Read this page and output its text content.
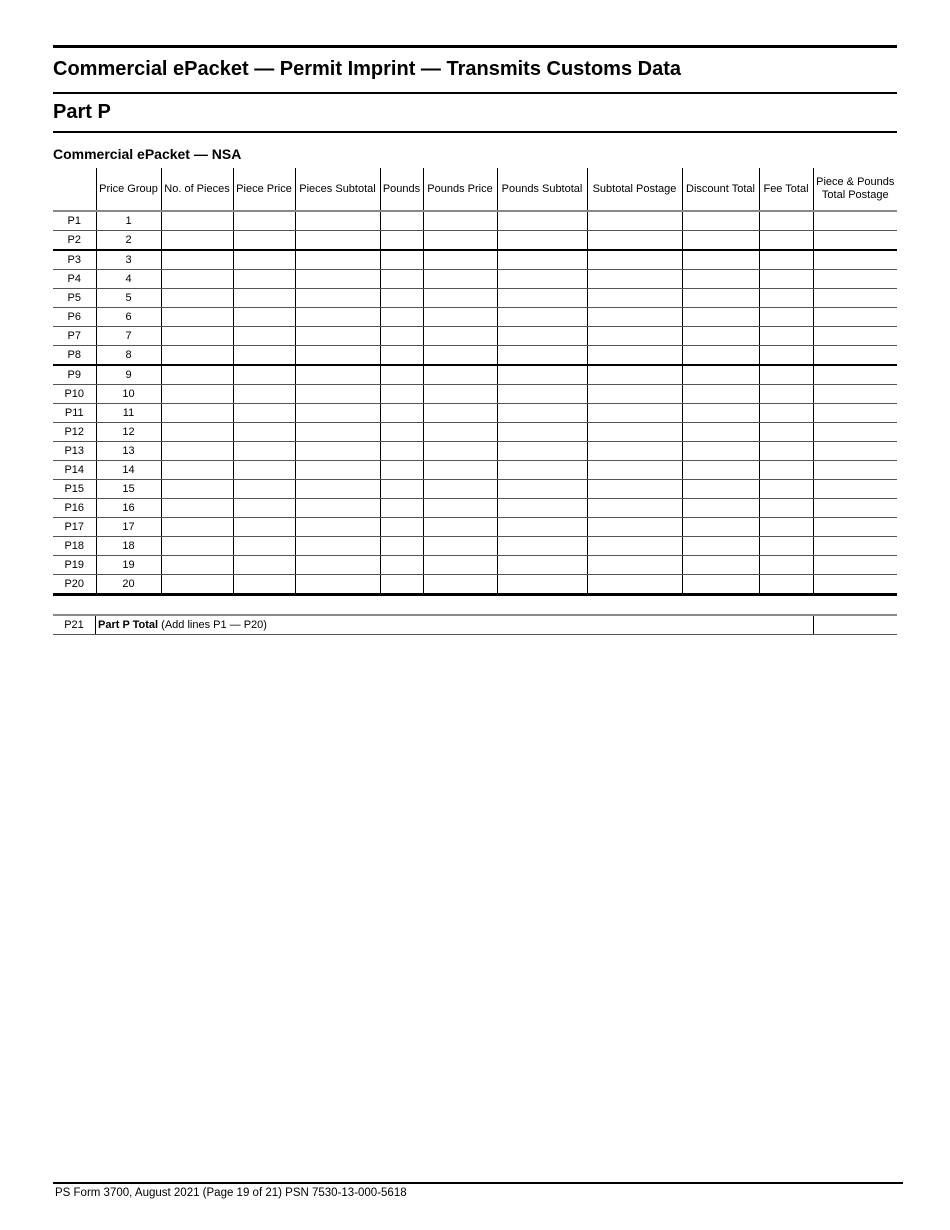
Commercial ePacket — Permit Imprint — Transmits Customs Data
Part P
Commercial ePacket — NSA
	Price Group	No. of Pieces	Piece Price	Pieces Subtotal	Pounds	Pounds Price	Pounds Subtotal	Subtotal Postage	Discount Total	Fee Total	Piece & Pounds Total Postage
P1	1										
P2	2										
P3	3										
P4	4										
P5	5										
P6	6										
P7	7										
P8	8										
P9	9										
P10	10										
P11	11										
P12	12										
P13	13										
P14	14										
P15	15										
P16	16										
P17	17										
P18	18										
P19	19										
P20	20										
P21	Part P Total (Add lines P1 — P20)	
PS Form 3700, August 2021 (Page 19 of 21) PSN 7530-13-000-5618
